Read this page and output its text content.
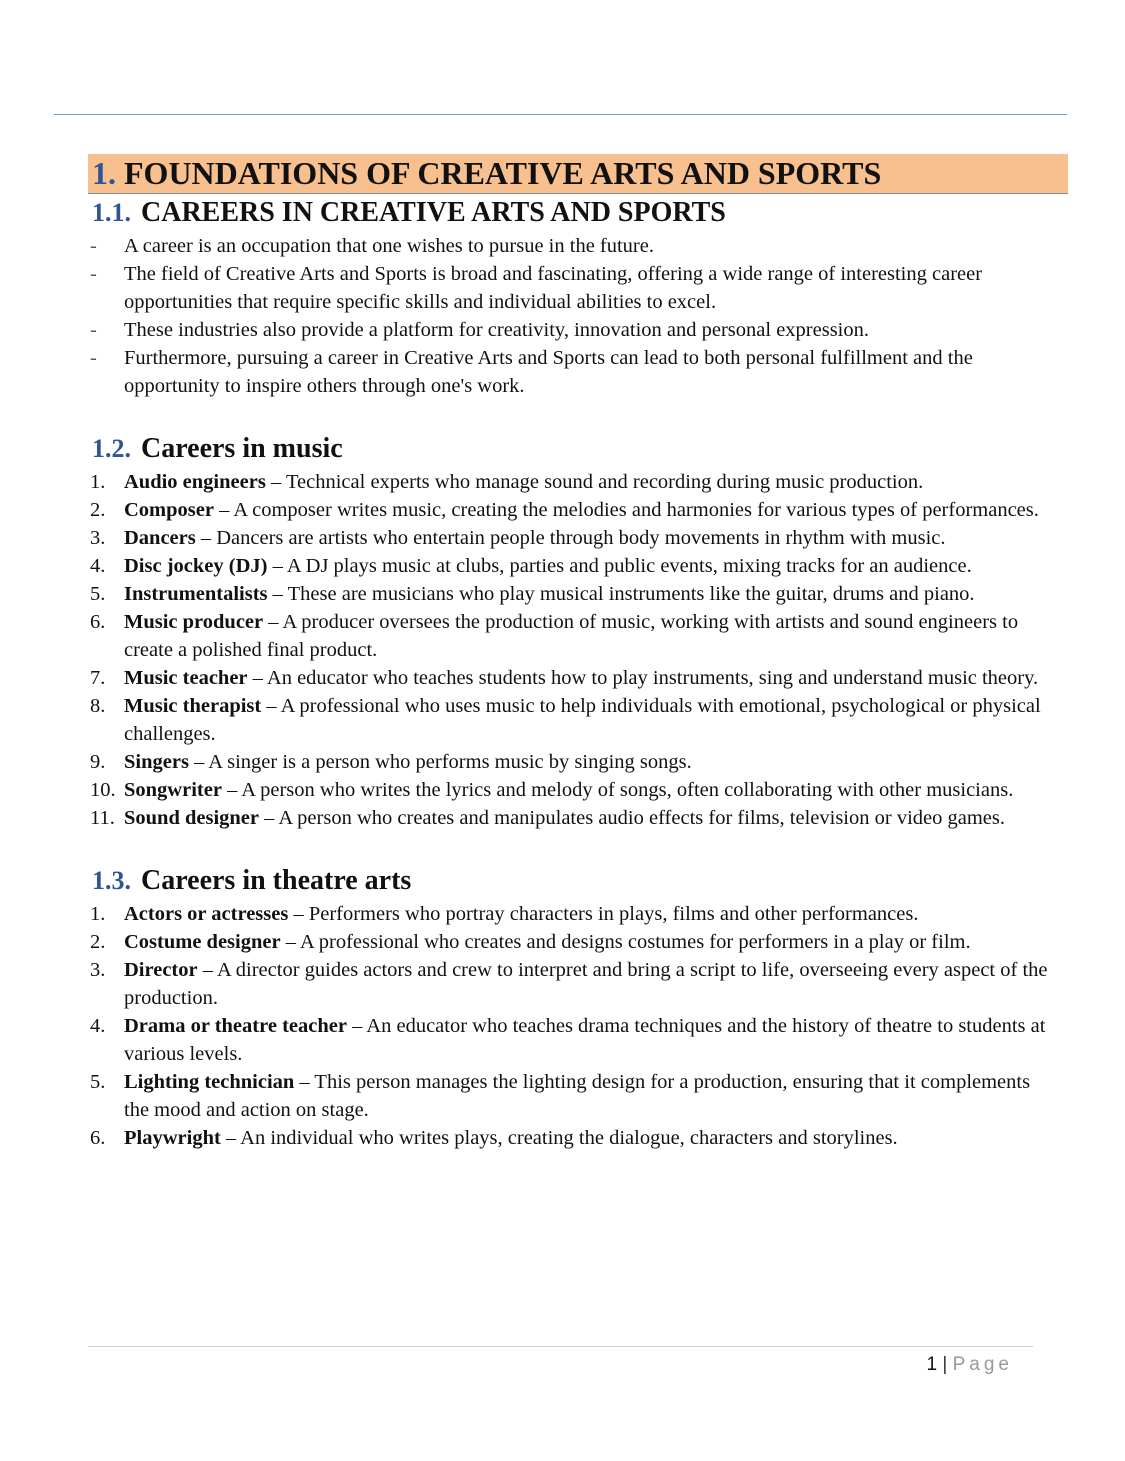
1. FOUNDATIONS OF CREATIVE ARTS AND SPORTS
1.1. CAREERS IN CREATIVE ARTS AND SPORTS
- A career is an occupation that one wishes to pursue in the future.
- The field of Creative Arts and Sports is broad and fascinating, offering a wide range of interesting career opportunities that require specific skills and individual abilities to excel.
- These industries also provide a platform for creativity, innovation and personal expression.
- Furthermore, pursuing a career in Creative Arts and Sports can lead to both personal fulfillment and the opportunity to inspire others through one's work.
1.2. Careers in music
1. Audio engineers – Technical experts who manage sound and recording during music production.
2. Composer – A composer writes music, creating the melodies and harmonies for various types of performances.
3. Dancers – Dancers are artists who entertain people through body movements in rhythm with music.
4. Disc jockey (DJ) – A DJ plays music at clubs, parties and public events, mixing tracks for an audience.
5. Instrumentalists – These are musicians who play musical instruments like the guitar, drums and piano.
6. Music producer – A producer oversees the production of music, working with artists and sound engineers to create a polished final product.
7. Music teacher – An educator who teaches students how to play instruments, sing and understand music theory.
8. Music therapist – A professional who uses music to help individuals with emotional, psychological or physical challenges.
9. Singers – A singer is a person who performs music by singing songs.
10. Songwriter – A person who writes the lyrics and melody of songs, often collaborating with other musicians.
11. Sound designer – A person who creates and manipulates audio effects for films, television or video games.
1.3. Careers in theatre arts
1. Actors or actresses – Performers who portray characters in plays, films and other performances.
2. Costume designer – A professional who creates and designs costumes for performers in a play or film.
3. Director – A director guides actors and crew to interpret and bring a script to life, overseeing every aspect of the production.
4. Drama or theatre teacher – An educator who teaches drama techniques and the history of theatre to students at various levels.
5. Lighting technician – This person manages the lighting design for a production, ensuring that it complements the mood and action on stage.
6. Playwright – An individual who writes plays, creating the dialogue, characters and storylines.
1 | Page
